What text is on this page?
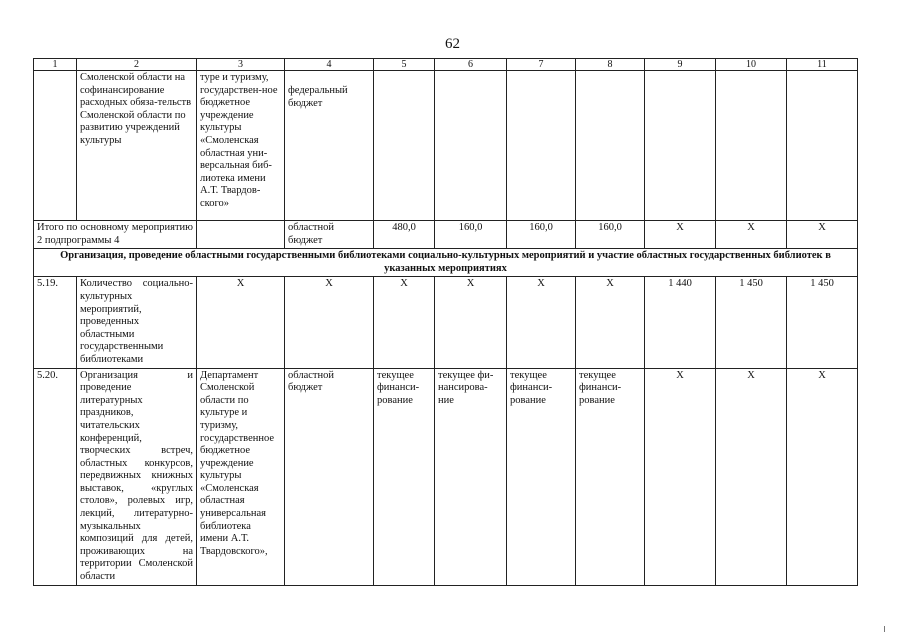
62
1	2	3	4	5	6	7	8	9	10	11
	Смоленской области на софинансирование расходных обяза-тельств Смоленской области по развитию учреждений культуры	туре и туризму, государствен-ное бюджетное учреждение культуры «Смоленская областная уни-версальная биб-лиотека имени А.Т. Твардов-ского»	федеральный бюджет							
Итого по основному мероприятию 2 подпрограммы 4			областной бюджет	480,0	160,0	160,0	160,0	Х	Х	Х
Организация, проведение областными государственными библиотеками социально-культурных мероприятий и участие областных государственных библиотек в указанных мероприятиях										
5.19.	Количество социально-культурных мероприятий, проведенных областными государственными библиотеками	Х	Х	Х	Х	Х	Х	1 440	1 450	1 450
5.20.	Организация и проведение литературных праздников, читательских конференций, творческих встреч, областных конкурсов, передвижных книжных выставок, «круглых столов», ролевых игр, лекций, литературно-музыкальных композиций для детей, проживающих на территории Смоленской области	Департамент Смоленской области по культуре и туризму, государственное бюджетное учреждение культуры «Смоленская областная универсальная библиотека имени А.Т. Твардовского»,	областной бюджет	текущее финанси-рование	текущее фи-нансирова-ние	текущее финанси-рование	текущее финанси-рование	Х	Х	Х
